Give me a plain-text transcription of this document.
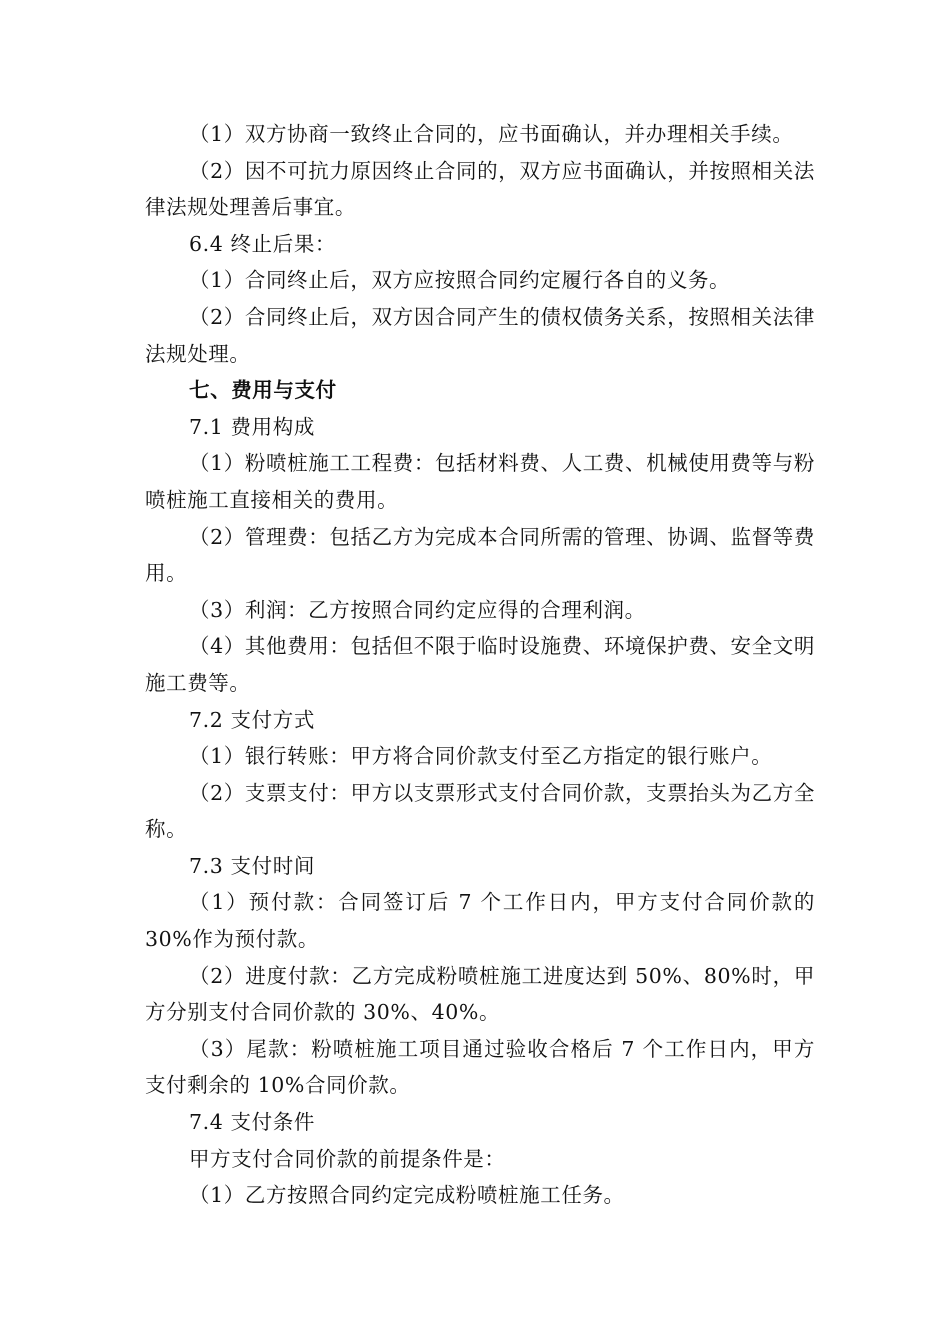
（1）双方协商一致终止合同的，应书面确认，并办理相关手续。

（2）因不可抗力原因终止合同的，双方应书面确认，并按照相关法律法规处理善后事宜。

6.4 终止后果：

（1）合同终止后，双方应按照合同约定履行各自的义务。

（2）合同终止后，双方因合同产生的债权债务关系，按照相关法律法规处理。

七、费用与支付

7.1 费用构成

（1）粉喷桩施工工程费：包括材料费、人工费、机械使用费等与粉喷桩施工直接相关的费用。

（2）管理费：包括乙方为完成本合同所需的管理、协调、监督等费用。

（3）利润：乙方按照合同约定应得的合理利润。

（4）其他费用：包括但不限于临时设施费、环境保护费、安全文明施工费等。

7.2 支付方式

（1）银行转账：甲方将合同价款支付至乙方指定的银行账户。

（2）支票支付：甲方以支票形式支付合同价款，支票抬头为乙方全称。

7.3 支付时间

（1）预付款：合同签订后 7 个工作日内，甲方支付合同价款的30%作为预付款。

（2）进度付款：乙方完成粉喷桩施工进度达到 50%、80%时，甲方分别支付合同价款的 30%、40%。

（3）尾款：粉喷桩施工项目通过验收合格后 7 个工作日内，甲方支付剩余的 10%合同价款。

7.4 支付条件

甲方支付合同价款的前提条件是：

（1）乙方按照合同约定完成粉喷桩施工任务。
